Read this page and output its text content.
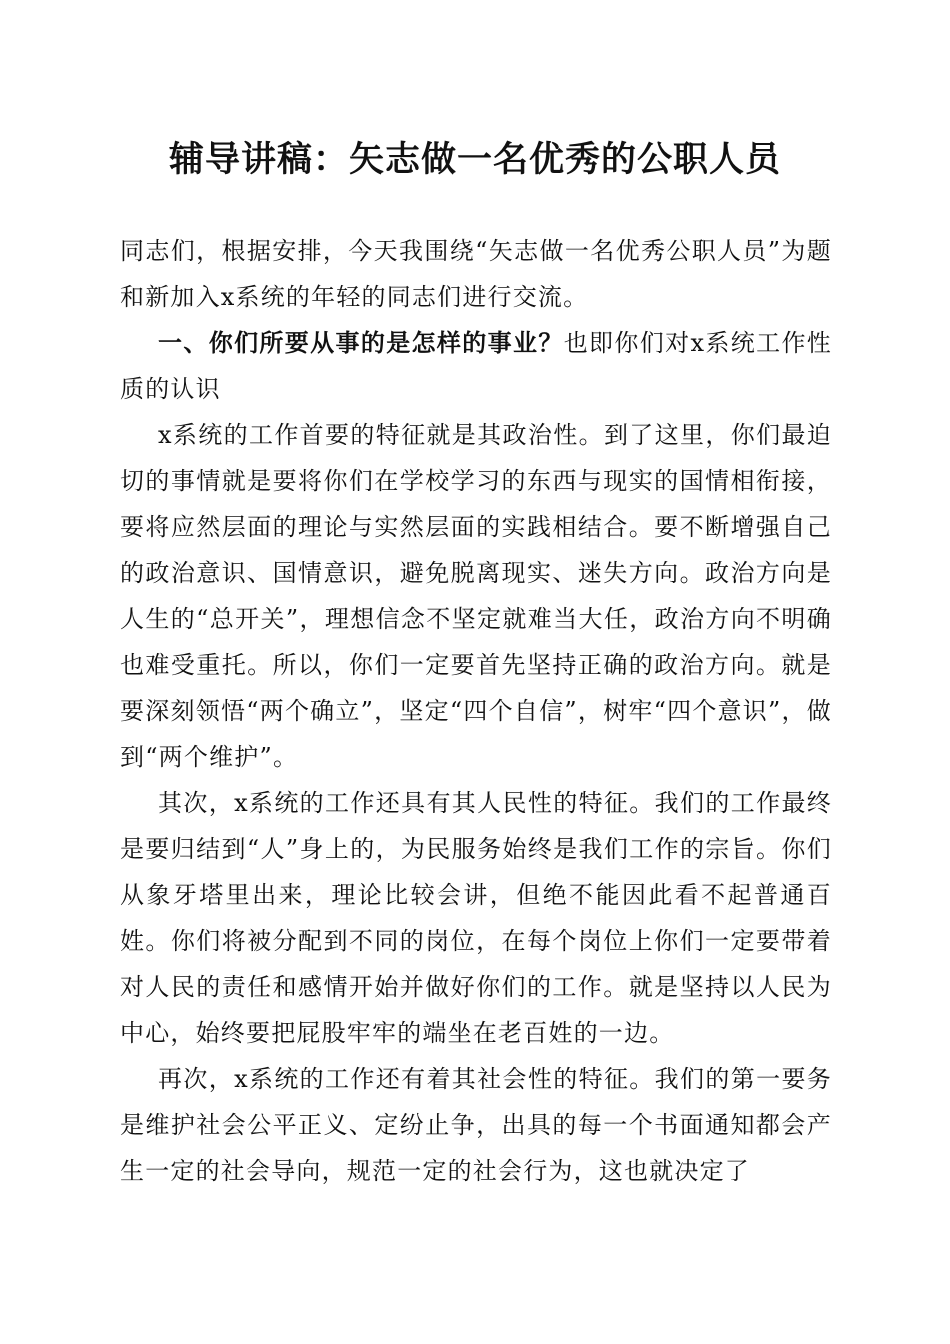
辅导讲稿：矢志做一名优秀的公职人员

同志们，根据安排，今天我围绕“矢志做一名优秀公职人员”为题和新加入x系统的年轻的同志们进行交流。

一、你们所要从事的是怎样的事业？也即你们对x系统工作性质的认识

x系统的工作首要的特征就是其政治性。到了这里，你们最迫切的事情就是要将你们在学校学习的东西与现实的国情相衔接，要将应然层面的理论与实然层面的实践相结合。要不断增强自己的政治意识、国情意识，避免脱离现实、迷失方向。政治方向是人生的“总开关”，理想信念不坚定就难当大任，政治方向不明确也难受重托。所以，你们一定要首先坚持正确的政治方向。就是要深刻领悟“两个确立”，坚定“四个自信”，树牢“四个意识”，做到“两个维护”。

其次，x系统的工作还具有其人民性的特征。我们的工作最终是要归结到“人”身上的，为民服务始终是我们工作的宗旨。你们从象牙塔里出来，理论比较会讲，但绝不能因此看不起普通百姓。你们将被分配到不同的岗位，在每个岗位上你们一定要带着对人民的责任和感情开始并做好你们的工作。就是坚持以人民为中心，始终要把屁股牢牢的端坐在老百姓的一边。

再次，x系统的工作还有着其社会性的特征。我们的第一要务是维护社会公平正义、定纷止争，出具的每一个书面通知都会产生一定的社会导向，规范一定的社会行为，这也就决定了
